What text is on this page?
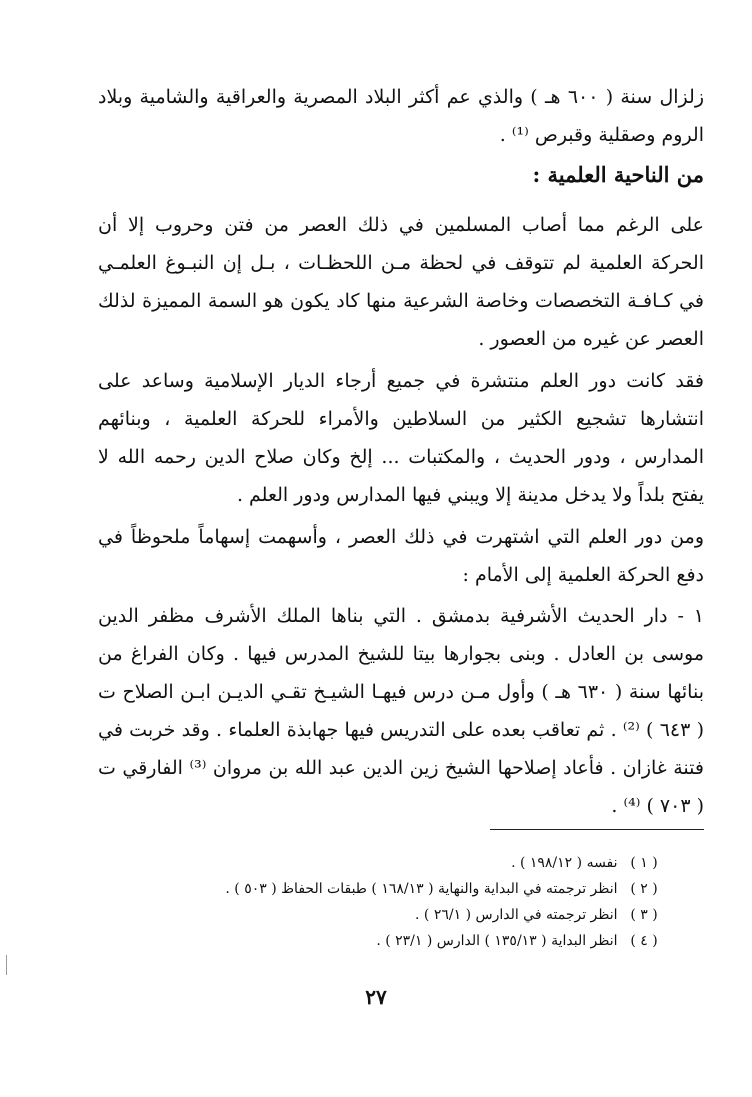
زلزال سنة ( ٦٠٠ هـ ) والذي عم أكثر البلاد المصرية والعراقية والشامية وبلاد الروم وصقلية وقبرص ⁽¹⁾ .

من الناحية العلمية :

على الرغم مما أصاب المسلمين في ذلك العصر من فتن وحروب إلا أن الحركة العلمية لم تتوقف في لحظة مـن اللحظـات ، بـل إن النبـوغ العلمـي في كـافـة التخصصات وخاصة الشرعية منها كاد يكون هو السمة المميزة لذلك العصر عن غيره من العصور .

فقد كانت دور العلم منتشرة في جميع أرجاء الديار الإسلامية وساعد على انتشارها تشجيع الكثير من السلاطين والأمراء للحركة العلمية ، وبنائهم المدارس ، ودور الحديث ، والمكتبات ... إلخ وكان صلاح الدين رحمه الله لا يفتح بلداً ولا يدخل مدينة إلا ويبني فيها المدارس ودور العلم .

ومن دور العلم التي اشتهرت في ذلك العصر ، وأسهمت إسهاماً ملحوظاً في دفع الحركة العلمية إلى الأمام :

١ - دار الحديث الأشرفية بدمشق . التي بناها الملك الأشرف مظفر الدين موسى بن العادل . وبنى بجوارها بيتا للشيخ المدرس فيها . وكان الفراغ من بنائها سنة ( ٦٣٠ هـ ) وأول مـن درس فيهـا الشيـخ تقـي الديـن ابـن الصلاح ت ( ٦٤٣ ) ⁽²⁾ . ثم تعاقب بعده على التدريس فيها جهابذة العلماء . وقد خربت في فتنة غازان . فأعاد إصلاحها الشيخ زين الدين عبد الله بن مروان ⁽³⁾ الفارقي ت ( ٧٠٣ ) ⁽⁴⁾ .

( ١ ) نفسه ( ١٩٨/١٢ ) .
( ٢ ) انظر ترجمته في البداية والنهاية ( ١٦٨/١٣ ) طبقات الحفاظ ( ٥٠٣ ) .
( ٣ ) انظر ترجمته في الدارس ( ٢٦/١ ) .
( ٤ ) انظر البداية ( ١٣٥/١٣ ) الدارس ( ٢٣/١ ) .
٢٧
